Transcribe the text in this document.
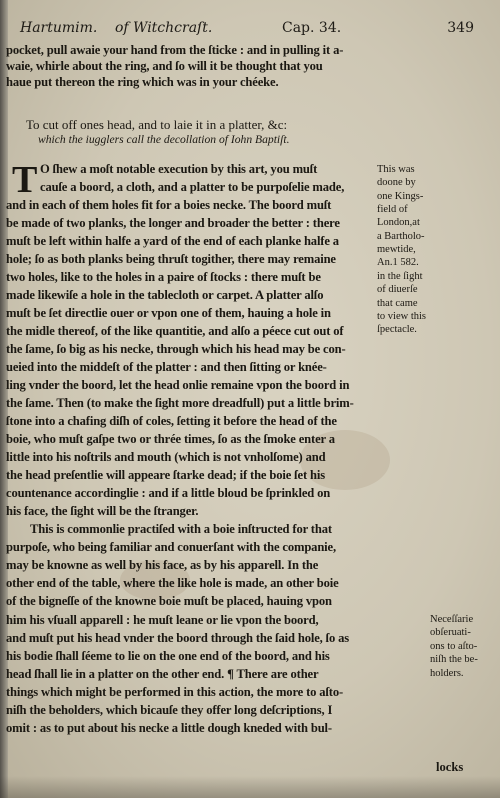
Hartumim. of Witchcraſt.	Cap. 34.	349
pocket, pull awaie your hand from the ſticke : and in pulling it a-
waie, whirle about the ring, and ſo will it be thought that you
haue put thereon the ring which was in your chéeke.
To cut off ones head, and to laie it in a platter, &c:
which the iugglers call the decollation of Iohn Baptiſt.
T O ſhew a moſt notable execution by this art, you muſt
cauſe a boord, a cloth, and a platter to be purpoſelie made,
and in each of them holes fit for a boies necke. The boord muſt
be made of two planks, the longer and broader the better : there
muſt be left within halfe a yard of the end of each planke halfe a
hole; ſo as both planks being thruſt togither, there may remaine
two holes, like to the holes in a paire of ſtocks : there muſt be
made likewiſe a hole in the tablecloth or carpet. A platter alſo
muſt be ſet directlie ouer or vpon one of them, hauing a hole in
the midle thereof, of the like quantitie, and alſo a péece cut out of
the ſame, ſo big as his necke, through which his head may be con-
ueied into the middeſt of the platter : and then ſitting or knée-
ling vnder the boord, let the head onlie remaine vpon the boord in
the ſame. Then (to make the ſight more dreadfull) put a little brim-
ſtone into a chafing diſh of coles, ſetting it before the head of the
boie, who muſt gaſpe two or thrée times, ſo as the ſmoke enter a
little into his noſtrils and mouth (which is not vnholſome) and
the head preſentlie will appeare ſtarke dead; if the boie ſet his
countenance accordinglie : and if a little bloud be ſprinkled on
his face, the ſight will be the ſtranger.
This is commonlie practiſed with a boie inſtructed for that
purpoſe, who being familiar and conuerſant with the companie,
may be knowne as well by his face, as by his apparell. In the
other end of the table, where the like hole is made, an other boie
of the bigneſſe of the knowne boie muſt be placed, hauing vpon
him his vſuall apparell : he muſt leane or lie vpon the boord,
and muſt put his head vnder the boord through the ſaid hole, ſo as
his bodie ſhall ſéeme to lie on the one end of the boord, and his
head ſhall lie in a platter on the other end. ¶ There are other
things which might be performed in this action, the more to aſto-
niſh the beholders, which bicauſe they offer long deſcriptions, I
omit : as to put about his necke a little dough kneded with bul-
This was
doone by
one Kings-
field of
London,at
a Bartholo-
mewtide,
An.1 582.
in the ſight
of diuerſe
that came
to view this
ſpectacle.
Neceſſarie
obſeruati-
ons to aſto-
niſh the be-
holders.
locks
